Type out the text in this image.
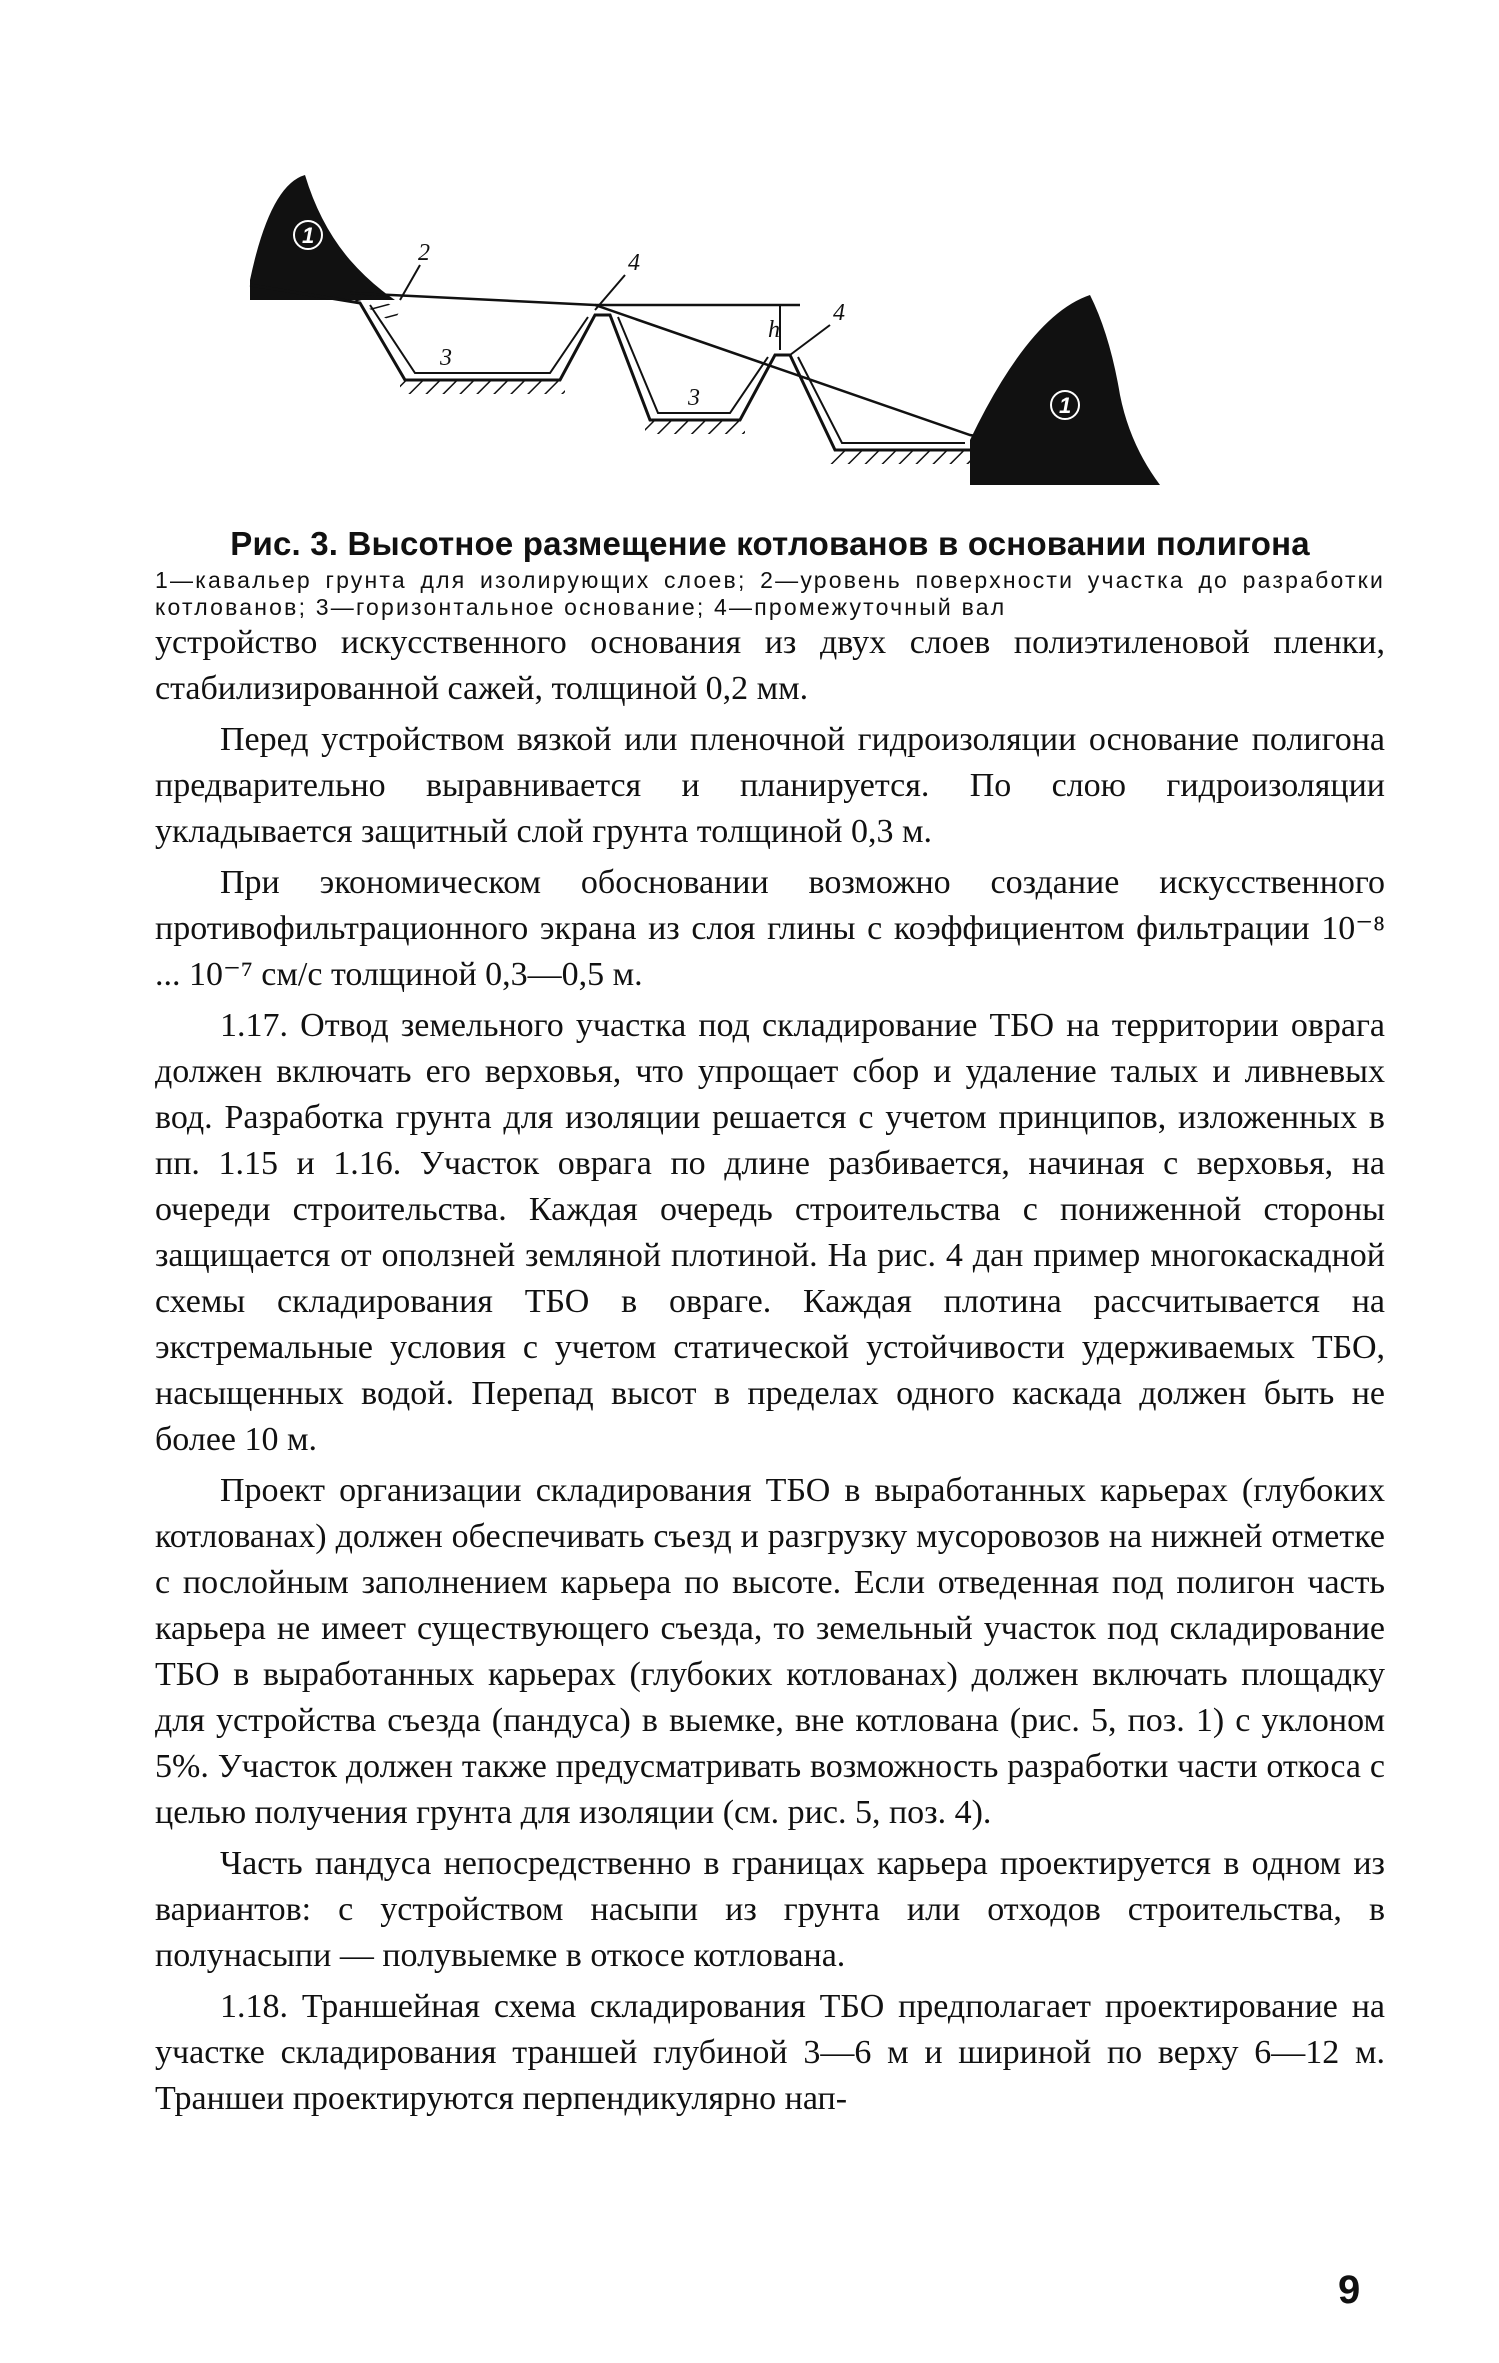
1
1
2
3
4
3
4
h

Рис. 3. Высотное размещение котлованов в основании полигона

1—кавальер грунта для изолирующих слоев; 2—уровень поверхности участка до разработки котлованов; 3—горизонтальное основание; 4—промежуточный вал

устройство искусственного основания из двух слоев полиэтиленовой пленки, стабилизированной сажей, толщиной 0,2 мм.

Перед устройством вязкой или пленочной гидроизоляции основание полигона предварительно выравнивается и планируется. По слою гидроизоляции укладывается защитный слой грунта толщиной 0,3 м.

При экономическом обосновании возможно создание искусственного противофильтрационного экрана из слоя глины с коэффициентом фильтрации 10⁻⁸ ... 10⁻⁷ см/с толщиной 0,3—0,5 м.

1.17. Отвод земельного участка под складирование ТБО на территории оврага должен включать его верховья, что упрощает сбор и удаление талых и ливневых вод. Разработка грунта для изоляции решается с учетом принципов, изложенных в пп. 1.15 и 1.16. Участок оврага по длине разбивается, начиная с верховья, на очереди строительства. Каждая очередь строительства с пониженной стороны защищается от оползней земляной плотиной. На рис. 4 дан пример многокаскадной схемы складирования ТБО в овраге. Каждая плотина рассчитывается на экстремальные условия с учетом статической устойчивости удерживаемых ТБО, насыщенных водой. Перепад высот в пределах одного каскада должен быть не более 10 м.

Проект организации складирования ТБО в выработанных карьерах (глубоких котлованах) должен обеспечивать съезд и разгрузку мусоровозов на нижней отметке с послойным заполнением карьера по высоте. Если отведенная под полигон часть карьера не имеет существующего съезда, то земельный участок под складирование ТБО в выработанных карьерах (глубоких котлованах) должен включать площадку для устройства съезда (пандуса) в выемке, вне котлована (рис. 5, поз. 1) с уклоном 5%. Участок должен также предусматривать возможность разработки части откоса с целью получения грунта для изоляции (см. рис. 5, поз. 4).

Часть пандуса непосредственно в границах карьера проектируется в одном из вариантов: с устройством насыпи из грунта или отходов строительства, в полунасыпи — полувыемке в откосе котлована.

1.18. Траншейная схема складирования ТБО предполагает проектирование на участке складирования траншей глубиной 3—6 м и шириной по верху 6—12 м. Траншеи проектируются перпендикулярно нап-

9
